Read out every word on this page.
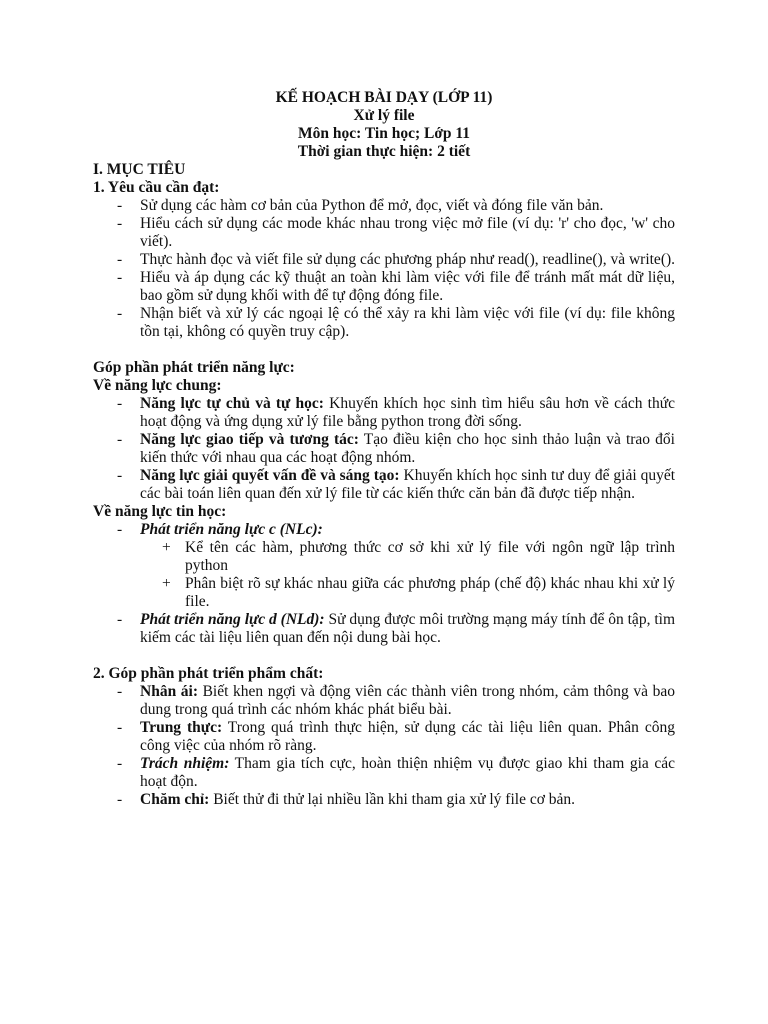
KẾ HOẠCH BÀI DẠY (LỚP 11)

Xử lý file

Môn học: Tin học; Lớp 11

Thời gian thực hiện: 2 tiết

I. MỤC TIÊU

1. Yêu cầu cần đạt:

- Sử dụng các hàm cơ bản của Python để mở, đọc, viết và đóng file văn bản.
- Hiểu cách sử dụng các mode khác nhau trong việc mở file (ví dụ: 'r' cho đọc, 'w' cho viết).
- Thực hành đọc và viết file sử dụng các phương pháp như read(), readline(), và write().
- Hiểu và áp dụng các kỹ thuật an toàn khi làm việc với file để tránh mất mát dữ liệu, bao gồm sử dụng khối with để tự động đóng file.
- Nhận biết và xử lý các ngoại lệ có thể xảy ra khi làm việc với file (ví dụ: file không tồn tại, không có quyền truy cập).

Góp phần phát triển năng lực:

Về năng lực chung:

- Năng lực tự chủ và tự học: Khuyến khích học sinh tìm hiểu sâu hơn về cách thức hoạt động và ứng dụng xử lý file bằng python trong đời sống.
- Năng lực giao tiếp và tương tác: Tạo điều kiện cho học sinh thảo luận và trao đổi kiến thức với nhau qua các hoạt động nhóm.
- Năng lực giải quyết vấn đề và sáng tạo: Khuyến khích học sinh tư duy để giải quyết các bài toán liên quan đến xử lý file từ các kiến thức căn bản đã được tiếp nhận.

Về năng lực tin học:

- Phát triển năng lực c (NLc):
+ Kể tên các hàm, phương thức cơ sở khi xử lý file với ngôn ngữ lập trình python
+ Phân biệt rõ sự khác nhau giữa các phương pháp (chế độ) khác nhau khi xử lý file.
- Phát triển năng lực d (NLd): Sử dụng được môi trường mạng máy tính để ôn tập, tìm kiếm các tài liệu liên quan đến nội dung bài học.

2. Góp phần phát triển phẩm chất:

- Nhân ái: Biết khen ngợi và động viên các thành viên trong nhóm, cảm thông và bao dung trong quá trình các nhóm khác phát biểu bài.
- Trung thực: Trong quá trình thực hiện, sử dụng các tài liệu liên quan. Phân công công việc của nhóm rõ ràng.
- Trách nhiệm: Tham gia tích cực, hoàn thiện nhiệm vụ được giao khi tham gia các hoạt độn.
- Chăm chỉ: Biết thử đi thử lại nhiều lần khi tham gia xử lý file cơ bản.
